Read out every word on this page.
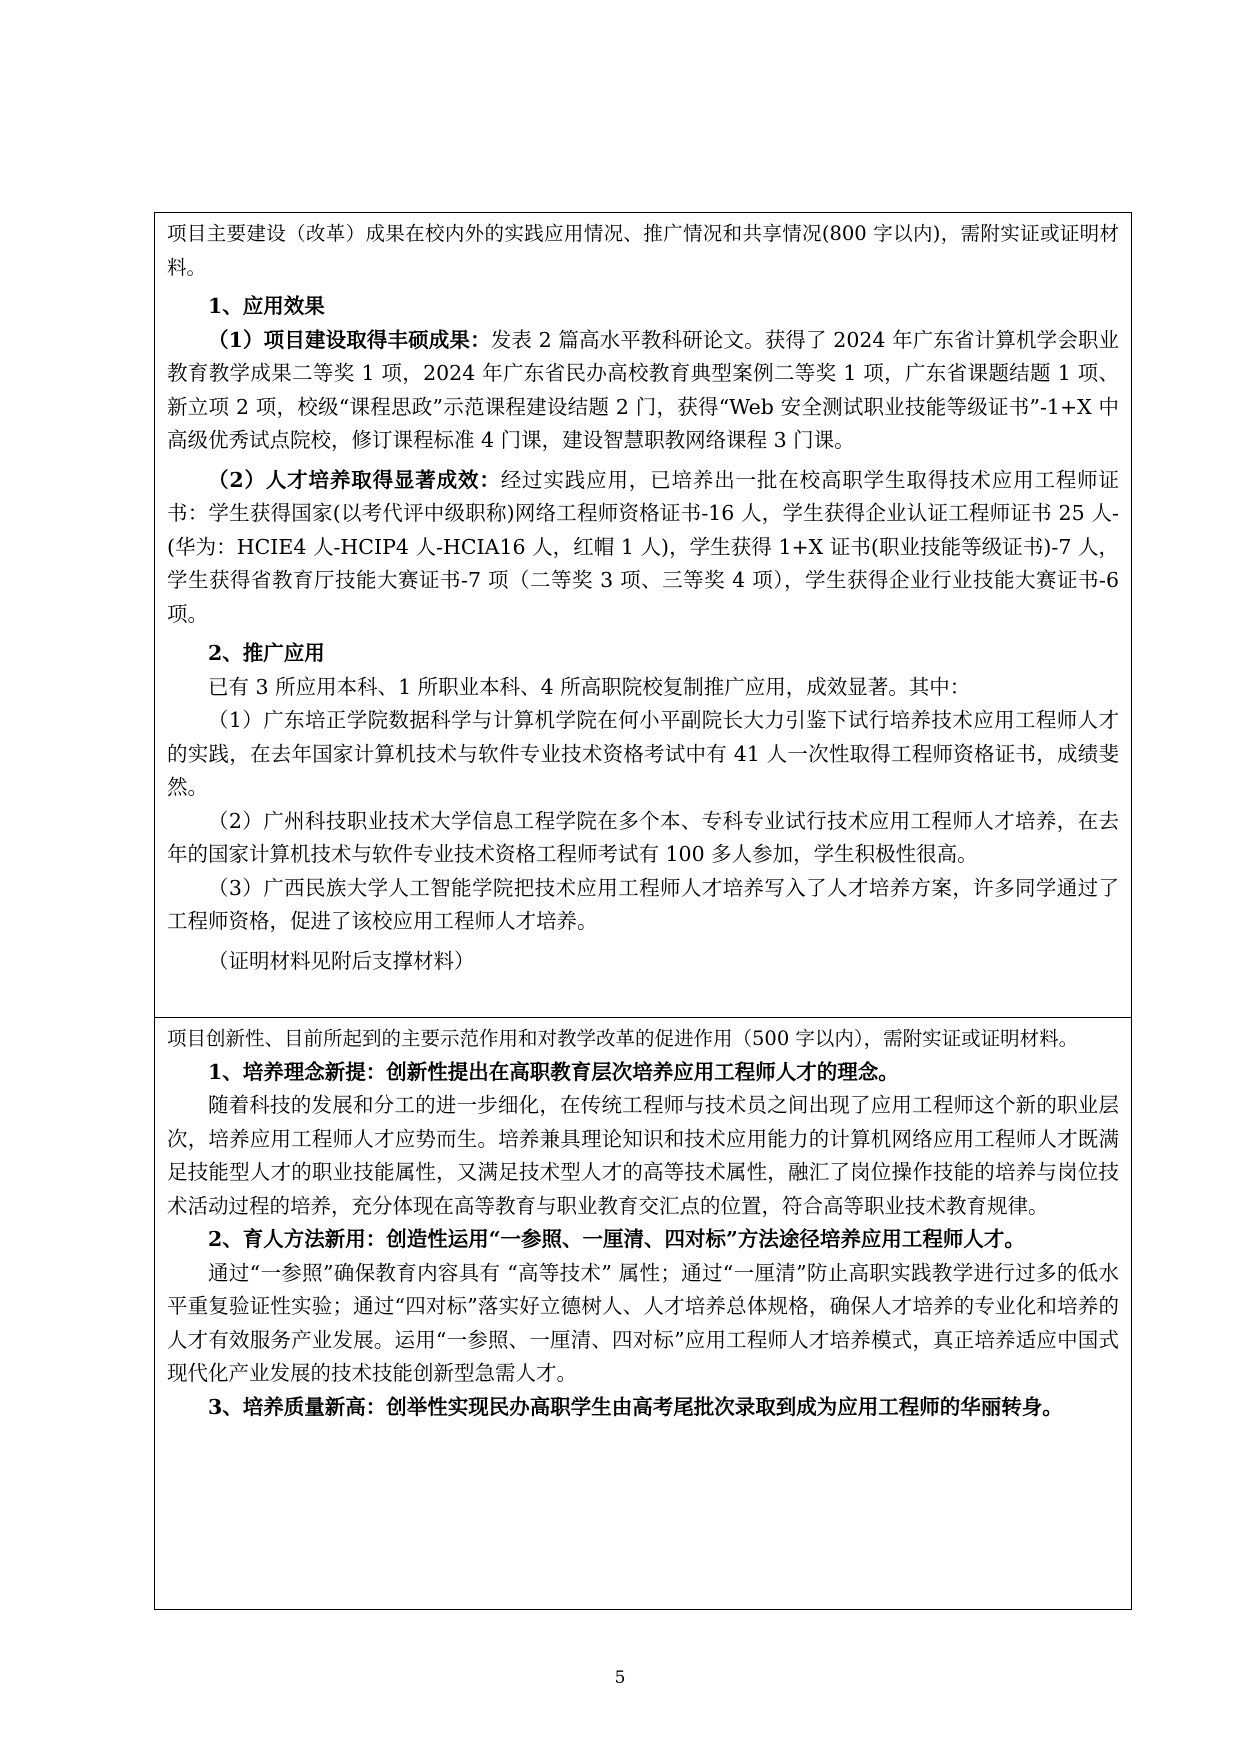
项目主要建设（改革）成果在校内外的实践应用情况、推广情况和共享情况(800 字以内)，需附实证或证明材料。

1、应用效果

（1）项目建设取得丰硕成果：发表 2 篇高水平教科研论文。获得了 2024 年广东省计算机学会职业教育教学成果二等奖 1 项，2024 年广东省民办高校教育典型案例二等奖 1 项，广东省课题结题 1 项、新立项 2 项，校级“课程思政”示范课程建设结题 2 门，获得“Web 安全测试职业技能等级证书”-1+X 中高级优秀试点院校，修订课程标准 4 门课，建设智慧职教网络课程 3 门课。

（2）人才培养取得显著成效：经过实践应用，已培养出一批在校高职学生取得技术应用工程师证书：学生获得国家(以考代评中级职称)网络工程师资格证书-16 人，学生获得企业认证工程师证书 25 人-(华为：HCIE4 人-HCIP4 人-HCIA16 人，红帽 1 人)，学生获得 1+X 证书(职业技能等级证书)-7 人，学生获得省教育厅技能大赛证书-7 项（二等奖 3 项、三等奖 4 项），学生获得企业行业技能大赛证书-6 项。

2、推广应用

已有 3 所应用本科、1 所职业本科、4 所高职院校复制推广应用，成效显著。其中：

（1）广东培正学院数据科学与计算机学院在何小平副院长大力引鉴下试行培养技术应用工程师人才的实践，在去年国家计算机技术与软件专业技术资格考试中有 41 人一次性取得工程师资格证书，成绩斐然。

（2）广州科技职业技术大学信息工程学院在多个本、专科专业试行技术应用工程师人才培养，在去年的国家计算机技术与软件专业技术资格工程师考试有 100 多人参加，学生积极性很高。

（3）广西民族大学人工智能学院把技术应用工程师人才培养写入了人才培养方案，许多同学通过了工程师资格，促进了该校应用工程师人才培养。

（证明材料见附后支撑材料）

项目创新性、目前所起到的主要示范作用和对教学改革的促进作用（500 字以内），需附实证或证明材料。

1、培养理念新提：创新性提出在高职教育层次培养应用工程师人才的理念。

随着科技的发展和分工的进一步细化，在传统工程师与技术员之间出现了应用工程师这个新的职业层次，培养应用工程师人才应势而生。培养兼具理论知识和技术应用能力的计算机网络应用工程师人才既满足技能型人才的职业技能属性，又满足技术型人才的高等技术属性，融汇了岗位操作技能的培养与岗位技术活动过程的培养，充分体现在高等教育与职业教育交汇点的位置，符合高等职业技术教育规律。

2、育人方法新用：创造性运用“一参照、一厘清、四对标”方法途径培养应用工程师人才。

通过“一参照”确保教育内容具有 “高等技术” 属性；通过“一厘清”防止高职实践教学进行过多的低水平重复验证性实验；通过“四对标”落实好立德树人、人才培养总体规格，确保人才培养的专业化和培养的人才有效服务产业发展。运用“一参照、一厘清、四对标”应用工程师人才培养模式，真正培养适应中国式现代化产业发展的技术技能创新型急需人才。

3、培养质量新高：创举性实现民办高职学生由高考尾批次录取到成为应用工程师的华丽转身。

5
